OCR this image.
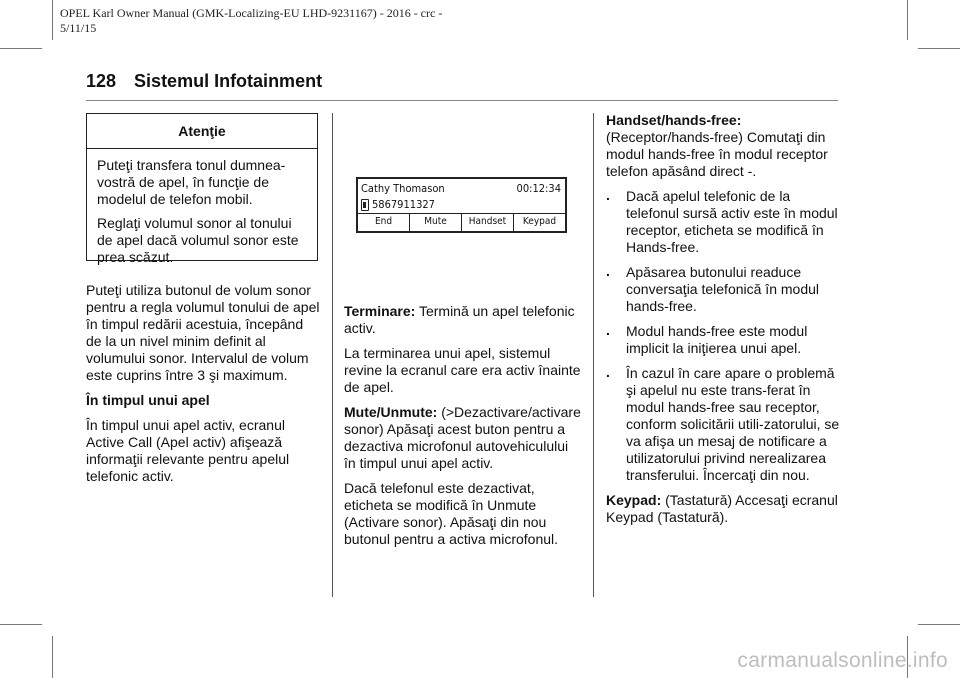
OPEL Karl Owner Manual (GMK-Localizing-EU LHD-9231167) - 2016 - crc -
5/11/15
128 Sistemul Infotainment
Atenţie

Puteţi transfera tonul dumnea-vostră de apel, în funcţie de modelul de telefon mobil.

Reglaţi volumul sonor al tonului de apel dacă volumul sonor este prea scăzut.

Puteţi utiliza butonul de volum sonor pentru a regla volumul tonului de apel în timpul redării acestuia, începând de la un nivel minim definit al volumului sonor. Intervalul de volum este cuprins între 3 şi maximum.

În timpul unui apel

În timpul unui apel activ, ecranul Active Call (Apel activ) afişează informaţii relevante pentru apelul telefonic activ.

Cathy Thomason	00:12:34
5867911327
End	Mute	Handset	Keypad

Terminare: Termină un apel telefonic activ.

La terminarea unui apel, sistemul revine la ecranul care era activ înainte de apel.

Mute/Unmute: (>Dezactivare/activare sonor) Apăsaţi acest buton pentru a dezactiva microfonul autovehiculului în timpul unui apel activ.

Dacă telefonul este dezactivat, eticheta se modifică în Unmute (Activare sonor). Apăsaţi din nou butonul pentru a activa microfonul.

Handset/hands-free: (Receptor/hands-free) Comutaţi din modul hands-free în modul receptor telefon apăsând direct -.

. Dacă apelul telefonic de la telefonul sursă activ este în modul receptor, eticheta se modifică în Hands-free.
. Apăsarea butonului readuce conversaţia telefonică în modul hands-free.
. Modul hands-free este modul implicit la iniţierea unui apel.
. În cazul în care apare o problemă şi apelul nu este trans-ferat în modul hands-free sau receptor, conform solicitării utili-zatorului, se va afişa un mesaj de notificare a utilizatorului privind nerealizarea transferului. Încercaţi din nou.

Keypad: (Tastatură) Accesaţi ecranul Keypad (Tastatură).

carmanualsonline.info
